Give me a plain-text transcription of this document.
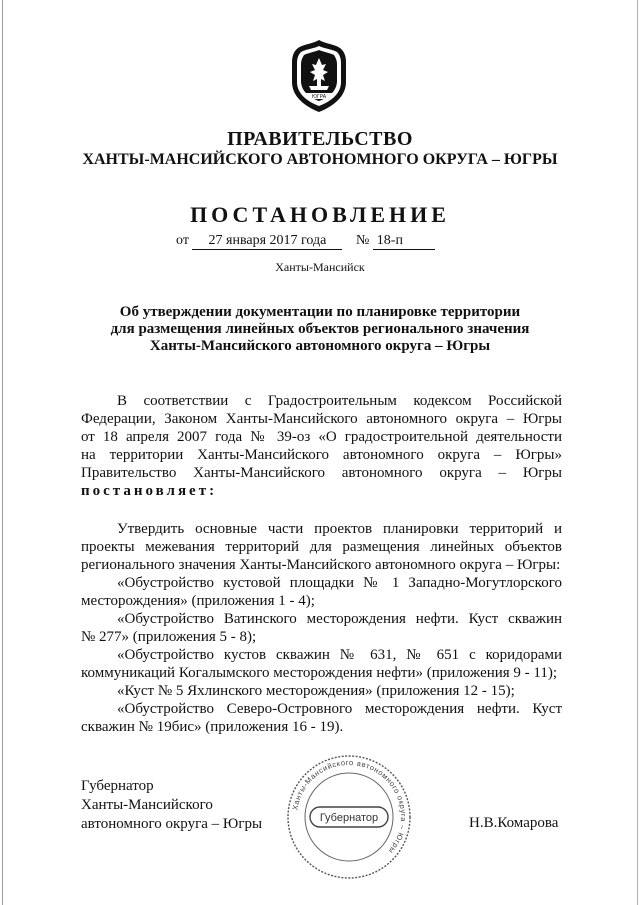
ЮГРА
ПРАВИТЕЛЬСТВО
ХАНТЫ-МАНСИЙСКОГО АВТОНОМНОГО ОКРУГА – ЮГРЫ
ПОСТАНОВЛЕНИЕ
от 27 января 2017 года № 18-п
Ханты-Мансийск
Об утверждении документации по планировке территории
для размещения линейных объектов регионального значения
Ханты-Мансийского автономного округа – Югры
В соответствии с Градостроительным кодексом Российской
Федерации, Законом Ханты-Мансийского автономного округа – Югры
от 18 апреля 2007 года № 39-оз «О градостроительной деятельности
на территории Ханты-Мансийского автономного округа – Югры»
Правительство Ханты-Мансийского автономного округа – Югры
постановляет:
Утвердить основные части проектов планировки территорий и
проекты межевания территорий для размещения линейных объектов
регионального значения Ханты-Мансийского автономного округа – Югры:
«Обустройство кустовой площадки № 1 Западно-Могутлорского
месторождения» (приложения 1 - 4);
«Обустройство Ватинского месторождения нефти. Куст скважин
№ 277» (приложения 5 - 8);
«Обустройство кустов скважин № 631, № 651 с коридорами
коммуникаций Когалымского месторождения нефти» (приложения 9 - 11);
«Куст № 5 Яхлинского месторождения» (приложения 12 - 15);
«Обустройство Северо-Островного месторождения нефти. Куст
скважин № 19бис» (приложения 16 - 19).
Губернатор
Ханты-Мансийского
автономного округа – Югры
Ханты-Мансийского автономного округа – Югры
Губернатор	Н.В.Комарова
